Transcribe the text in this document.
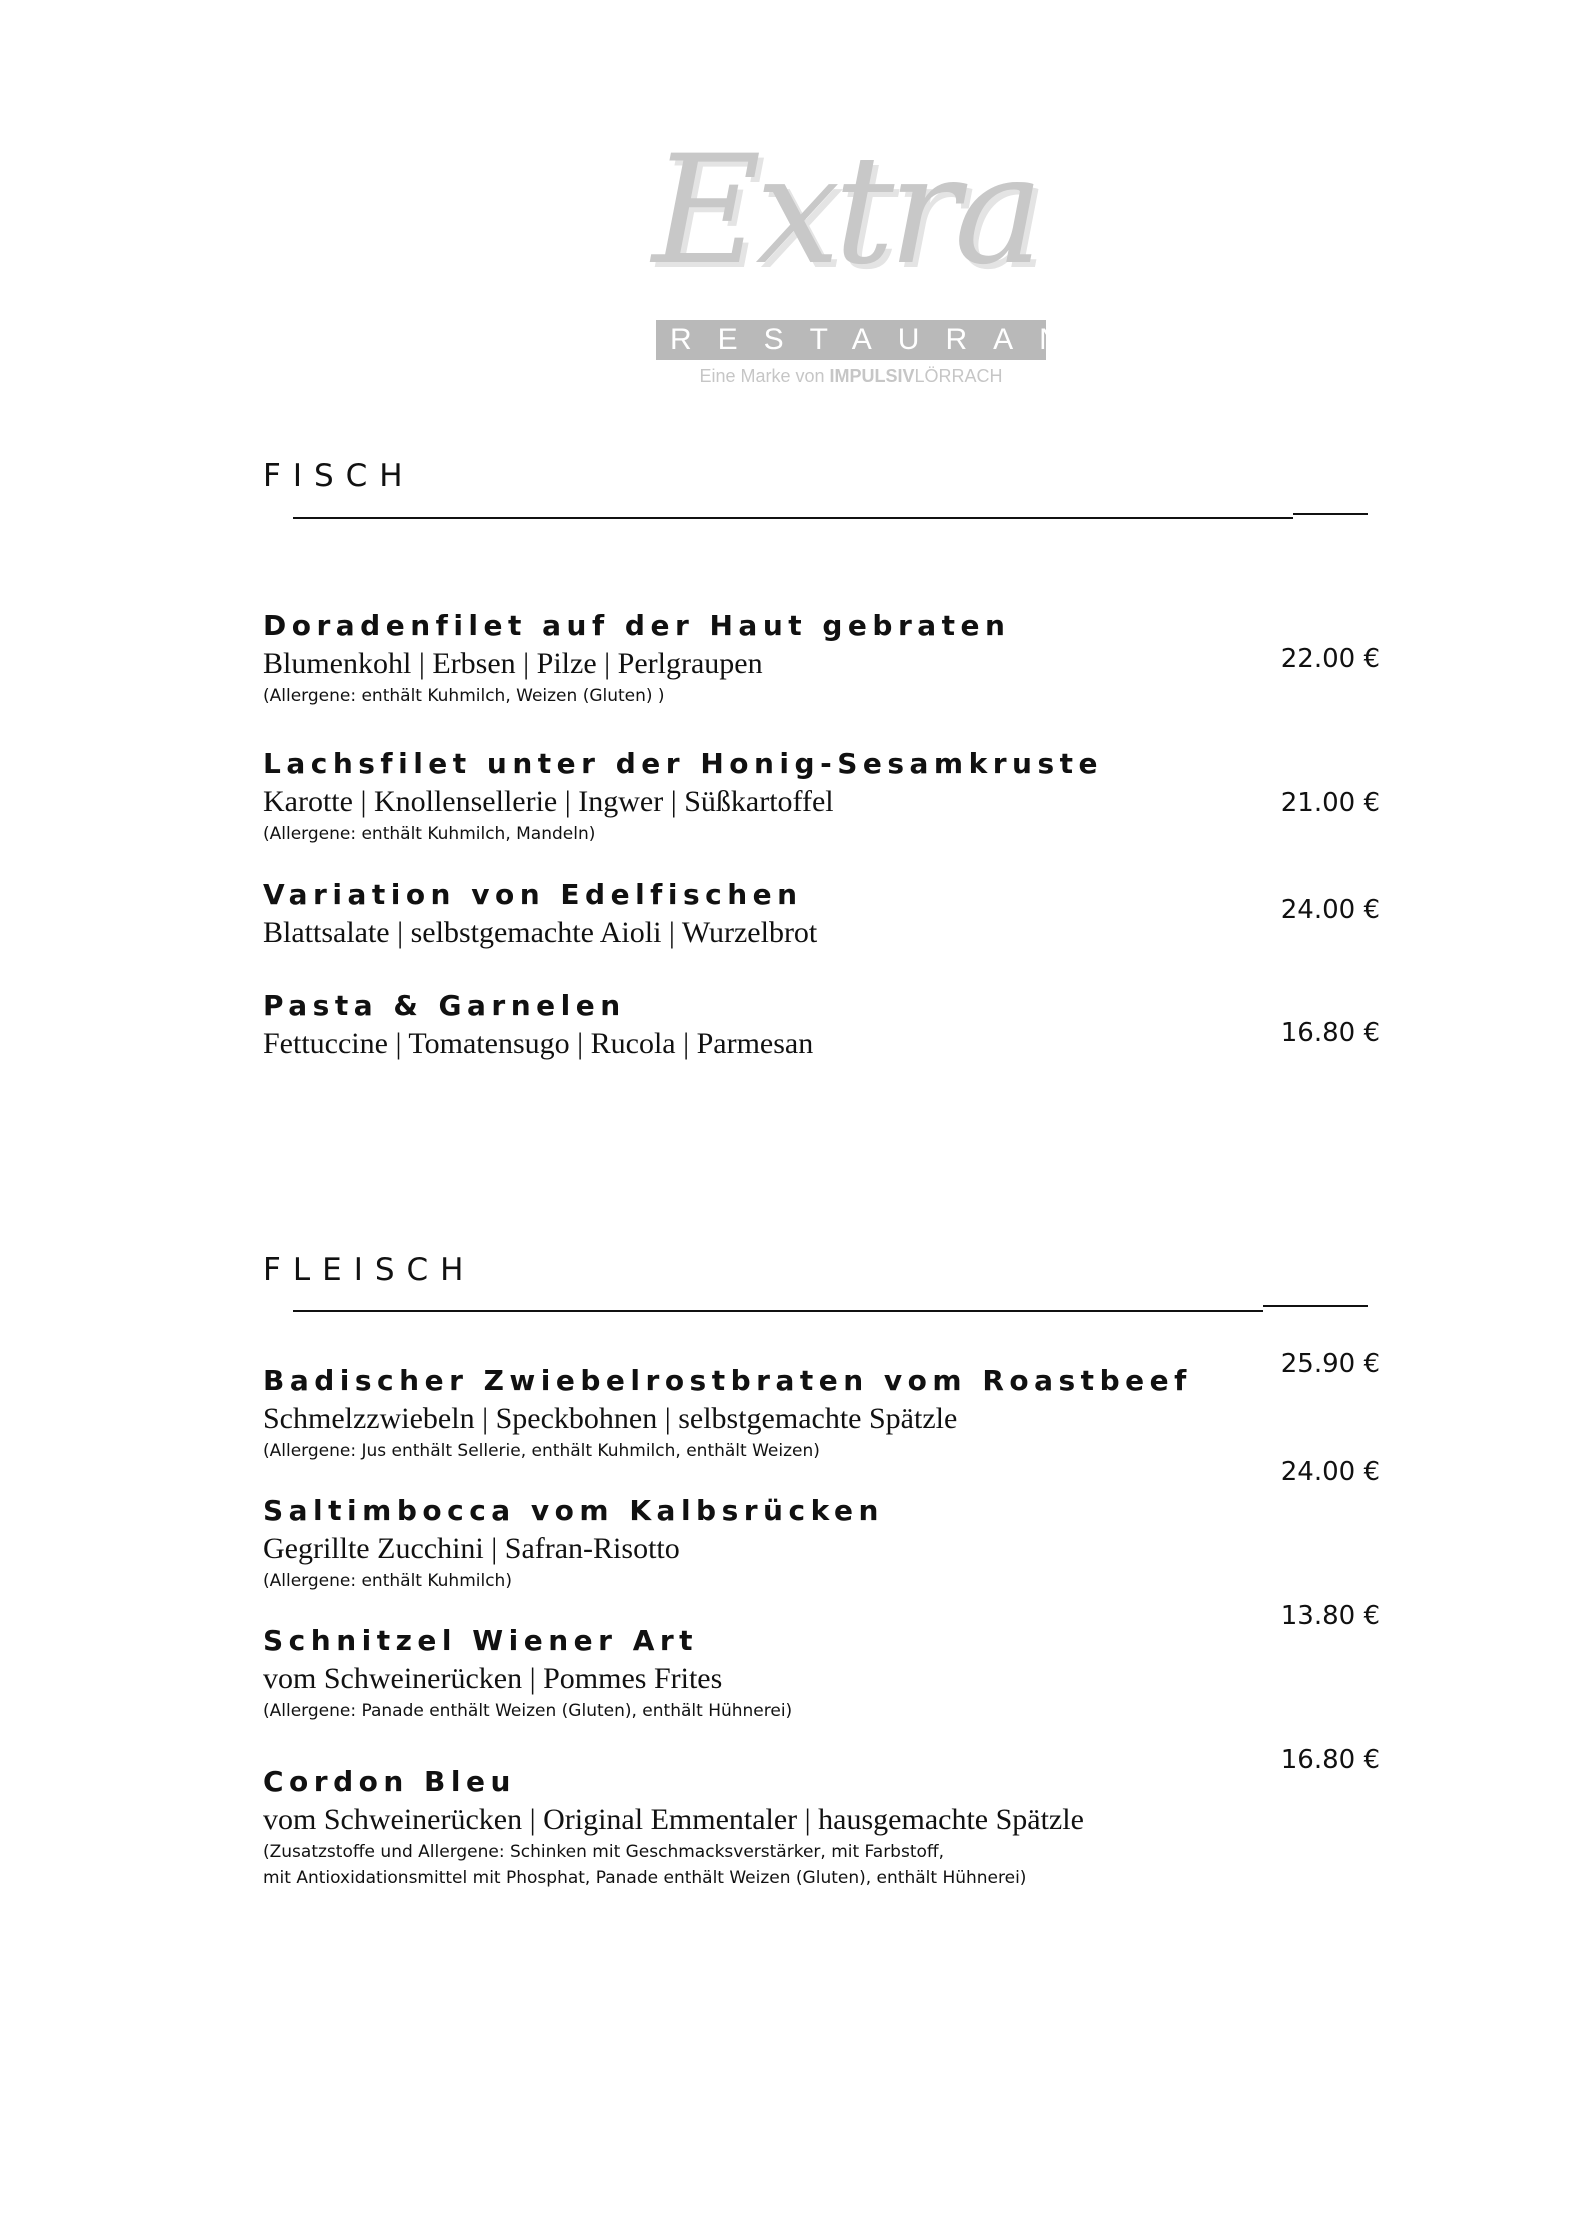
Extra
RESTAURANT
Eine Marke von IMPULSIVLÖRRACH
FISCH
Doradenfilet auf der Haut gebraten
Blumenkohl | Erbsen | Pilze | Perlgraupen
(Allergene: enthält Kuhmilch, Weizen (Gluten) )
22.00 €
Lachsfilet unter der Honig-Sesamkruste
Karotte | Knollensellerie | Ingwer | Süßkartoffel
(Allergene: enthält Kuhmilch, Mandeln)
21.00 €
Variation von Edelfischen
Blattsalate | selbstgemachte Aioli | Wurzelbrot
24.00 €
Pasta & Garnelen
Fettuccine | Tomatensugo | Rucola | Parmesan	16.80 €
FLEISCH
Badischer Zwiebelrostbraten vom Roastbeef
Schmelzzwiebeln | Speckbohnen | selbstgemachte Spätzle
(Allergene: Jus enthält Sellerie, enthält Kuhmilch, enthält Weizen)
25.90 €
Saltimbocca vom Kalbsrücken
Gegrillte Zucchini | Safran-Risotto
(Allergene: enthält Kuhmilch)
24.00 €
Schnitzel Wiener Art
vom Schweinerücken | Pommes Frites
(Allergene: Panade enthält Weizen (Gluten), enthält Hühnerei)
13.80 €
Cordon Bleu
vom Schweinerücken | Original Emmentaler | hausgemachte Spätzle
(Zusatzstoffe und Allergene: Schinken mit Geschmacksverstärker, mit Farbstoff,
mit Antioxidationsmittel mit Phosphat, Panade enthält Weizen (Gluten), enthält Hühnerei)
16.80 €
